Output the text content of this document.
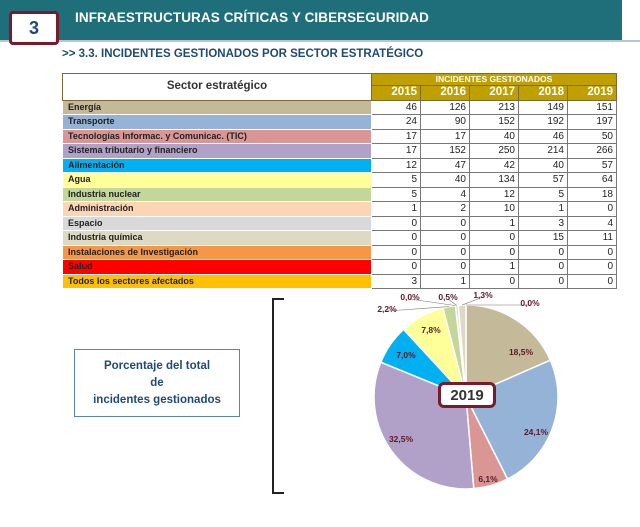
3	INFRAESTRUCTURAS CRÍTICAS Y CIBERSEGURIDAD
>> 3.3. INCIDENTES GESTIONADOS POR SECTOR ESTRATÉGICO
Sector estratégico	INCIDENTES GESTIONADOS				
	2015	2016	2017	2018	2019
Energía	46	126	213	149	151
Transporte	24	90	152	192	197
Tecnologías Informac. y Comunicac. (TIC)	17	17	40	46	50
Sistema tributario y financiero	17	152	250	214	266
Alimentación	12	47	42	40	57
Agua	5	40	134	57	64
Industria nuclear	5	4	12	5	18
Administración	1	2	10	1	0
Espacio	0	0	1	3	4
Industria química	0	0	0	15	11
Instalaciones de Investigación	0	0	0	0	0
Salud	0	0	1	0	0
Todos los sectores afectados	3	1	0	0	0
Porcentaje del total
de
incidentes gestionados
18,5%
24,1%
6,1%
32,5%
7,0%
7,8%
2,2%
0,0% 0,5% 1,3%
0,0%
2019
